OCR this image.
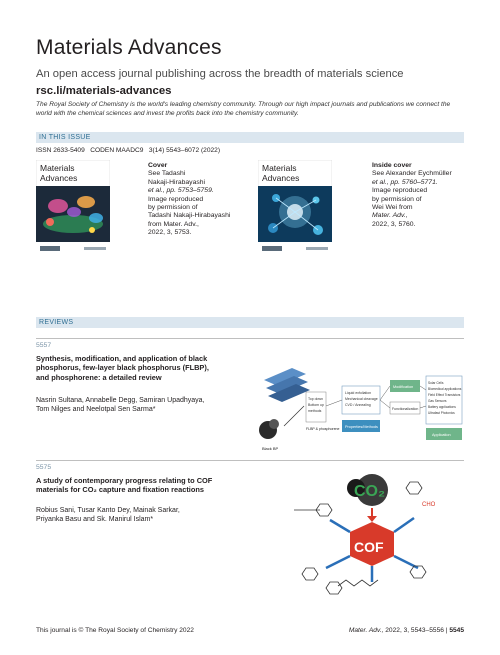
Materials Advances
An open access journal publishing across the breadth of materials science
rsc.li/materials-advances
The Royal Society of Chemistry is the world's leading chemistry community. Through our high impact journals and publications we connect the world with the chemical sciences and invest the profits back into the chemistry community.
IN THIS ISSUE
ISSN 2633-5409 CODEN MAADC9 3(14) 5543–6072 (2022)
Materials
Advances
Cover
See Tadashi
Nakaji-Hirabayashi
et al., pp. 5753–5759.
Image reproduced
by permission of
Tadashi Nakaji-Hirabayashi
from Mater. Adv.,
2022, 3, 5753.
Materials
Advances
Inside cover
See Alexander Eychmüller
et al., pp. 5760–5771.
Image reproduced
by permission of
Wei Wei from
Mater. Adv.,
2022, 3, 5760.
REVIEWS
5557
Synthesis, modification, and application of black
phosphorus, few-layer black phosphorus (FLBP),
and phosphorene: a detailed review
Nasrin Sultana, Annabelle Degg, Samiran Upadhyaya,
Tom Nilges and Neelotpal Sen Sarma*
Black BP
Top down
Bottom up
methods
FLBP & phosphorene
Liquid exfoliation
Mechanical cleavage
CVD / Annealing
Properties/Methods
Modification
Functionalization
Solar Cells
Biomedical applications
Field Effect Transistors
Gas Sensors
Battery applications
Ultrafast Photonics
Application
5575
A study of contemporary progress relating to COF
materials for CO₂ capture and fixation reactions
Robius Sani, Tusar Kanto Dey, Mainak Sarkar,
Priyanka Basu and Sk. Manirul Islam*
CO₂
COF
CHO
This journal is © The Royal Society of Chemistry 2022	Mater. Adv., 2022, 3, 5543–5556 | 5545
